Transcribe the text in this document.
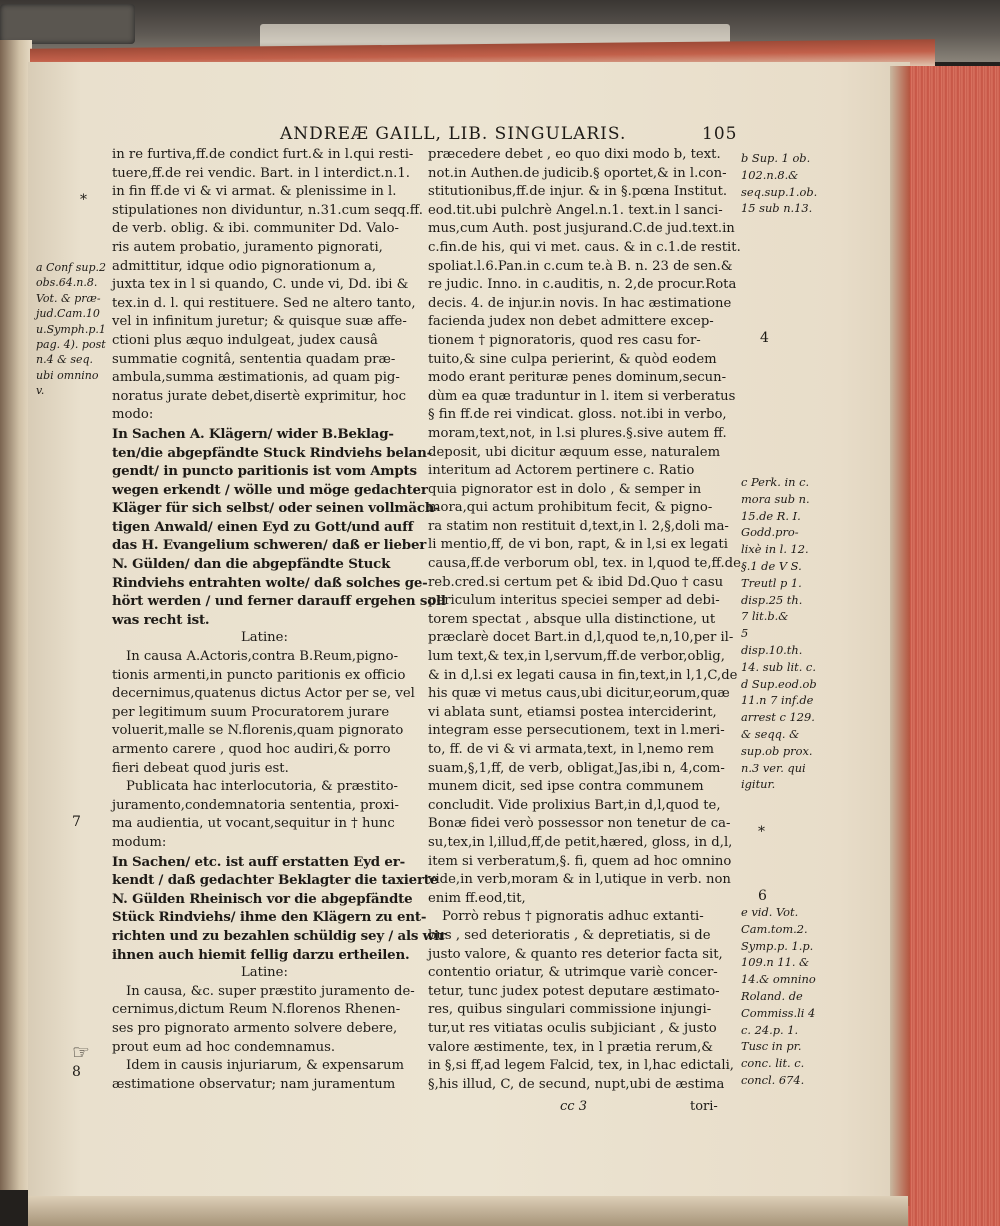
ANDREÆ GAILL, LIB. SINGULARIS.	105

in re furtiva,ff.de condict furt.& in l.qui resti-

tuere,ff.de rei vendic. Bart. in l interdict.n.1.

in fin ff.de vi & vi armat. & plenissime in l.

stipulationes non dividuntur, n.31.cum seqq.ff.

de verb. oblig. & ibi. communiter Dd. Valo-

ris autem probatio, juramento pignorati,

admittitur, idque odio pignorationum a,

juxta tex in l si quando, C. unde vi, Dd. ibi &

tex.in d. l. qui restituere. Sed ne altero tanto,

vel in infinitum juretur; & quisque suæ affe-

ctioni plus æquo indulgeat, judex causâ

summatie cognitâ, sententia quadam præ-

ambula,summa æstimationis, ad quam pig-

noratus jurate debet,disertè exprimitur, hoc

modo:

In Sachen A. Klägern/ wider B.Beklag-

ten/die abgepfändte Stuck Rindviehs belan-

gendt/ in puncto paritionis ist vom Ampts

wegen erkendt / wölle und möge gedachter

Kläger für sich selbst/ oder seinen vollmäch-

tigen Anwald/ einen Eyd zu Gott/und auff

das H. Evangelium schweren/ daß er lieber

N. Gülden/ dan die abgepfändte Stuck

Rindviehs entrahten wolte/ daß solches ge-

hört werden / und ferner darauff ergehen soll

was recht ist.

Latine:

In causa A.Actoris,contra B.Reum,pigno-

tionis armenti,in puncto paritionis ex officio

decernimus,quatenus dictus Actor per se, vel

per legitimum suum Procuratorem jurare

voluerit,malle se N.florenis,quam pignorato

armento carere , quod hoc audiri,& porro

fieri debeat quod juris est.

Publicata hac interlocutoria, & præstito-

juramento,condemnatoria sententia, proxi-

ma audientia, ut vocant,sequitur in † hunc

modum:

In Sachen/ etc. ist auff erstatten Eyd er-

kendt / daß gedachter Beklagter die taxierte

N. Gülden Rheinisch vor die abgepfändte

Stück Rindviehs/ ihme den Klägern zu ent-

richten und zu bezahlen schüldig sey / als wir

ihnen auch hiemit fellig darzu ertheilen.

Latine:

In causa, &c. super præstito juramento de-

cernimus,dictum Reum N.florenos Rhenen-

ses pro pignorato armento solvere debere,

prout eum ad hoc condemnamus.

Idem in causis injuriarum, & expensarum

æstimatione observatur; nam juramentum

præcedere debet , eo quo dixi modo b, text.

not.in Authen.de judicib.§ oportet,& in l.con-

stitutionibus,ff.de injur. & in §.pœna Institut.

eod.tit.ubi pulchrè Angel.n.1. text.in l sanci-

mus,cum Auth. post jusjurand.C.de jud.text.in

c.fin.de his, qui vi met. caus. & in c.1.de restit.

spoliat.l.6.Pan.in c.cum te.à B. n. 23 de sen.&

re judic. Inno. in c.auditis, n. 2,de procur.Rota

decis. 4. de injur.in novis. In hac æstimatione

facienda judex non debet admittere excep-

tionem † pignoratoris, quod res casu for-

tuito,& sine culpa perierint, & quòd eodem

modo erant perituræ penes dominum,secun-

dùm ea quæ traduntur in l. item si verberatus

§ fin ff.de rei vindicat. gloss. not.ibi in verbo,

moram,text,not, in l.si plures.§.sive autem ff.

deposit, ubi dicitur æquum esse, naturalem

interitum ad Actorem pertinere c. Ratio

quia pignorator est in dolo , & semper in

mora,qui actum prohibitum fecit, & pigno-

ra statim non restituit d,text,in l. 2,§,doli ma-

li mentio,ff, de vi bon, rapt, & in l,si ex legati

causa,ff.de verborum obl, tex. in l,quod te,ff.de

reb.cred.si certum pet & ibid Dd.Quo † casu

periculum interitus speciei semper ad debi-

torem spectat , absque ulla distinctione, ut

præclarè docet Bart.in d,l,quod te,n,10,per il-

lum text,& tex,in l,servum,ff.de verbor,oblig,

& in d,l.si ex legati causa in fin,text,in l,1,C,de

his quæ vi metus caus,ubi dicitur,eorum,quæ

vi ablata sunt, etiamsi postea interciderint,

integram esse persecutionem, text in l.meri-

to, ff. de vi & vi armata,text, in l,nemo rem

suam,§,1,ff, de verb, obligat,Jas,ibi n, 4,com-

munem dicit, sed ipse contra communem

concludit. Vide prolixius Bart,in d,l,quod te,

Bonæ fidei verò possessor non tenetur de ca-

su,tex,in l,illud,ff,de petit,hæred, gloss, in d,l,

item si verberatum,§. fi, quem ad hoc omnino

vide,in verb,moram & in l,utique in verb. non

enim ff.eod,tit,

Porrò rebus † pignoratis adhuc extanti-

bus , sed deterioratis , & depretiatis, si de

justo valore, & quanto res deterior facta sit,

contentio oriatur, & utrimque variè concer-

tetur, tunc judex potest deputare æstimato-

res, quibus singulari commissione injungi-

tur,ut res vitiatas oculis subjiciant , & justo

valore æstimente, tex, in l prætia rerum,&

in §,si ff,ad legem Falcid, tex, in l,hac edictali,

§,his illud, C, de secund, nupt,ubi de æstima

a Conf sup.2

obs.64.n.8.

Vot. & præ-

jud.Cam.10

u.Symph.p.1

pag. 4). post

n.4 & seq.

ubi omnino

v.

b Sup. 1 ob.

102.n.8.&

seq.sup.1.ob.

15 sub n.13.

c Perk. in c.

mora sub n.

15.de R. I.

Godd.pro-

lixè in l. 12.

§.1 de V S.

Treutl p 1.

disp.25 th.

7 lit.b.&

5

disp.10.th.

14. sub lit. c.

d Sup.eod.ob

11.n 7 inf.de

arrest c 129.

& seqq. &

sup.ob prox.

n.3 ver. qui

igitur.

e vid. Vot.

Cam.tom.2.

Symp.p. 1.p.

109.n 11. &

14.& omnino

Roland. de

Commiss.li 4

c. 24.p. 1.

Tusc in pr.

conc. lit. c.

concl. 674.

4
6
7
8
*
*
☞
cc 3	tori-
